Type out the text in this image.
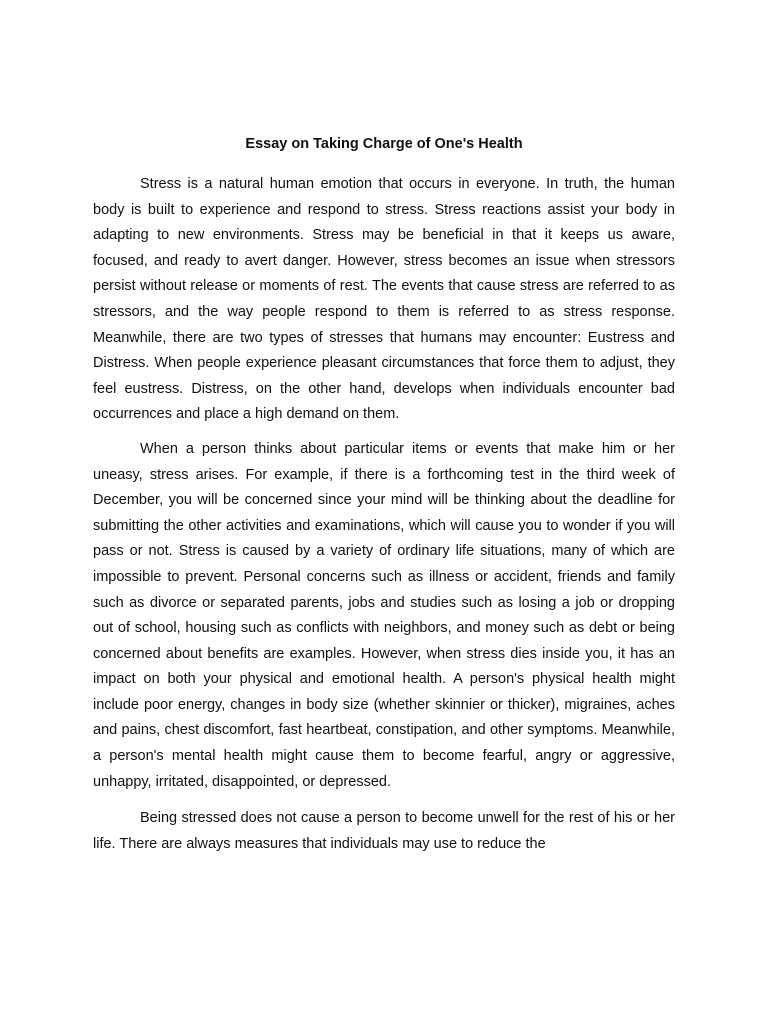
Essay on Taking Charge of One's Health

Stress is a natural human emotion that occurs in everyone. In truth, the human body is built to experience and respond to stress. Stress reactions assist your body in adapting to new environments. Stress may be beneficial in that it keeps us aware, focused, and ready to avert danger. However, stress becomes an issue when stressors persist without release or moments of rest. The events that cause stress are referred to as stressors, and the way people respond to them is referred to as stress response. Meanwhile, there are two types of stresses that humans may encounter: Eustress and Distress. When people experience pleasant circumstances that force them to adjust, they feel eustress. Distress, on the other hand, develops when individuals encounter bad occurrences and place a high demand on them.

When a person thinks about particular items or events that make him or her uneasy, stress arises. For example, if there is a forthcoming test in the third week of December, you will be concerned since your mind will be thinking about the deadline for submitting the other activities and examinations, which will cause you to wonder if you will pass or not. Stress is caused by a variety of ordinary life situations, many of which are impossible to prevent. Personal concerns such as illness or accident, friends and family such as divorce or separated parents, jobs and studies such as losing a job or dropping out of school, housing such as conflicts with neighbors, and money such as debt or being concerned about benefits are examples. However, when stress dies inside you, it has an impact on both your physical and emotional health. A person's physical health might include poor energy, changes in body size (whether skinnier or thicker), migraines, aches and pains, chest discomfort, fast heartbeat, constipation, and other symptoms. Meanwhile, a person's mental health might cause them to become fearful, angry or aggressive, unhappy, irritated, disappointed, or depressed.

Being stressed does not cause a person to become unwell for the rest of his or her life. There are always measures that individuals may use to reduce the
